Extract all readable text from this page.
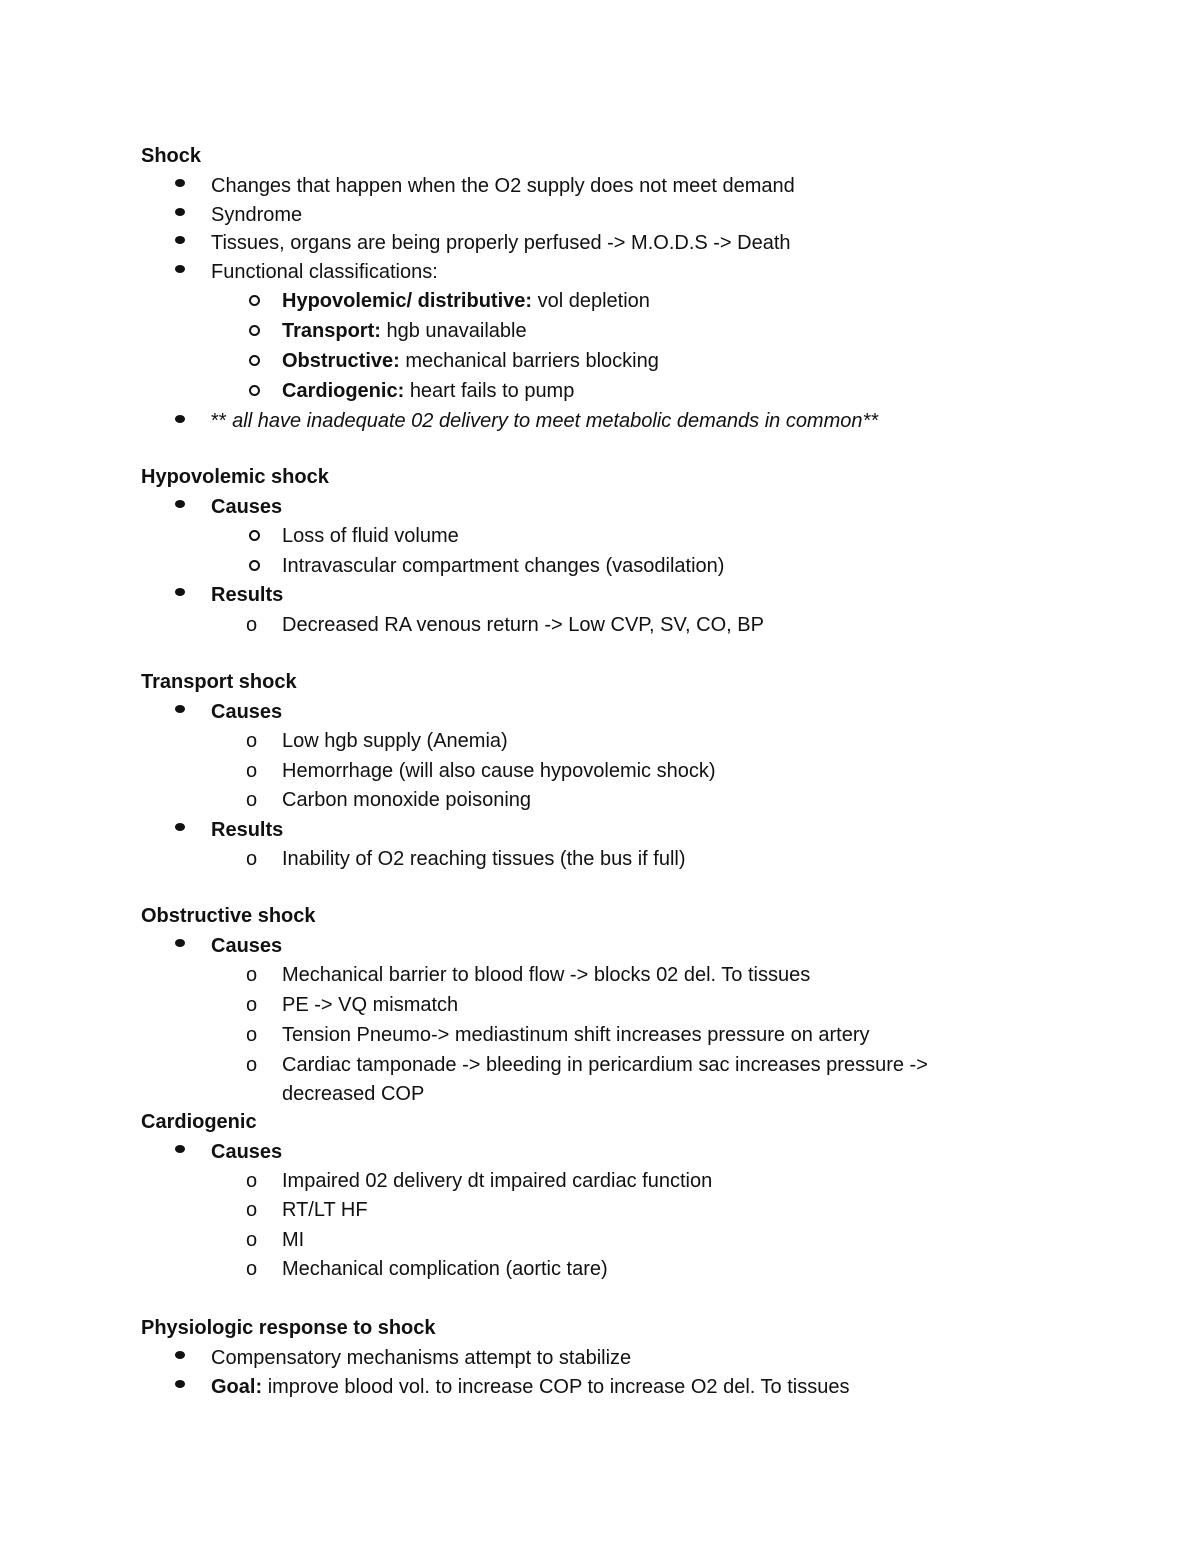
Shock
Changes that happen when the O2 supply does not meet demand
Syndrome
Tissues, organs are being properly perfused -> M.O.D.S -> Death
Functional classifications:
Hypovolemic/ distributive: vol depletion
Transport: hgb unavailable
Obstructive: mechanical barriers blocking
Cardiogenic: heart fails to pump
** all have inadequate 02 delivery to meet metabolic demands in common**
Hypovolemic shock
Causes
Loss of fluid volume
Intravascular compartment changes (vasodilation)
Results
o Decreased RA venous return -> Low CVP, SV, CO, BP
Transport shock
Causes
o Low hgb supply (Anemia)
o Hemorrhage (will also cause hypovolemic shock)
o Carbon monoxide poisoning
Results
o Inability of O2 reaching tissues (the bus if full)
Obstructive shock
Causes
o Mechanical barrier to blood flow -> blocks 02 del. To tissues
o PE -> VQ mismatch
o Tension Pneumo-> mediastinum shift increases pressure on artery
o Cardiac tamponade -> bleeding in pericardium sac increases pressure ->
decreased COP
Cardiogenic
Causes
o Impaired 02 delivery dt impaired cardiac function
o RT/LT HF
o MI
o Mechanical complication (aortic tare)
Physiologic response to shock
Compensatory mechanisms attempt to stabilize
Goal: improve blood vol. to increase COP to increase O2 del. To tissues
